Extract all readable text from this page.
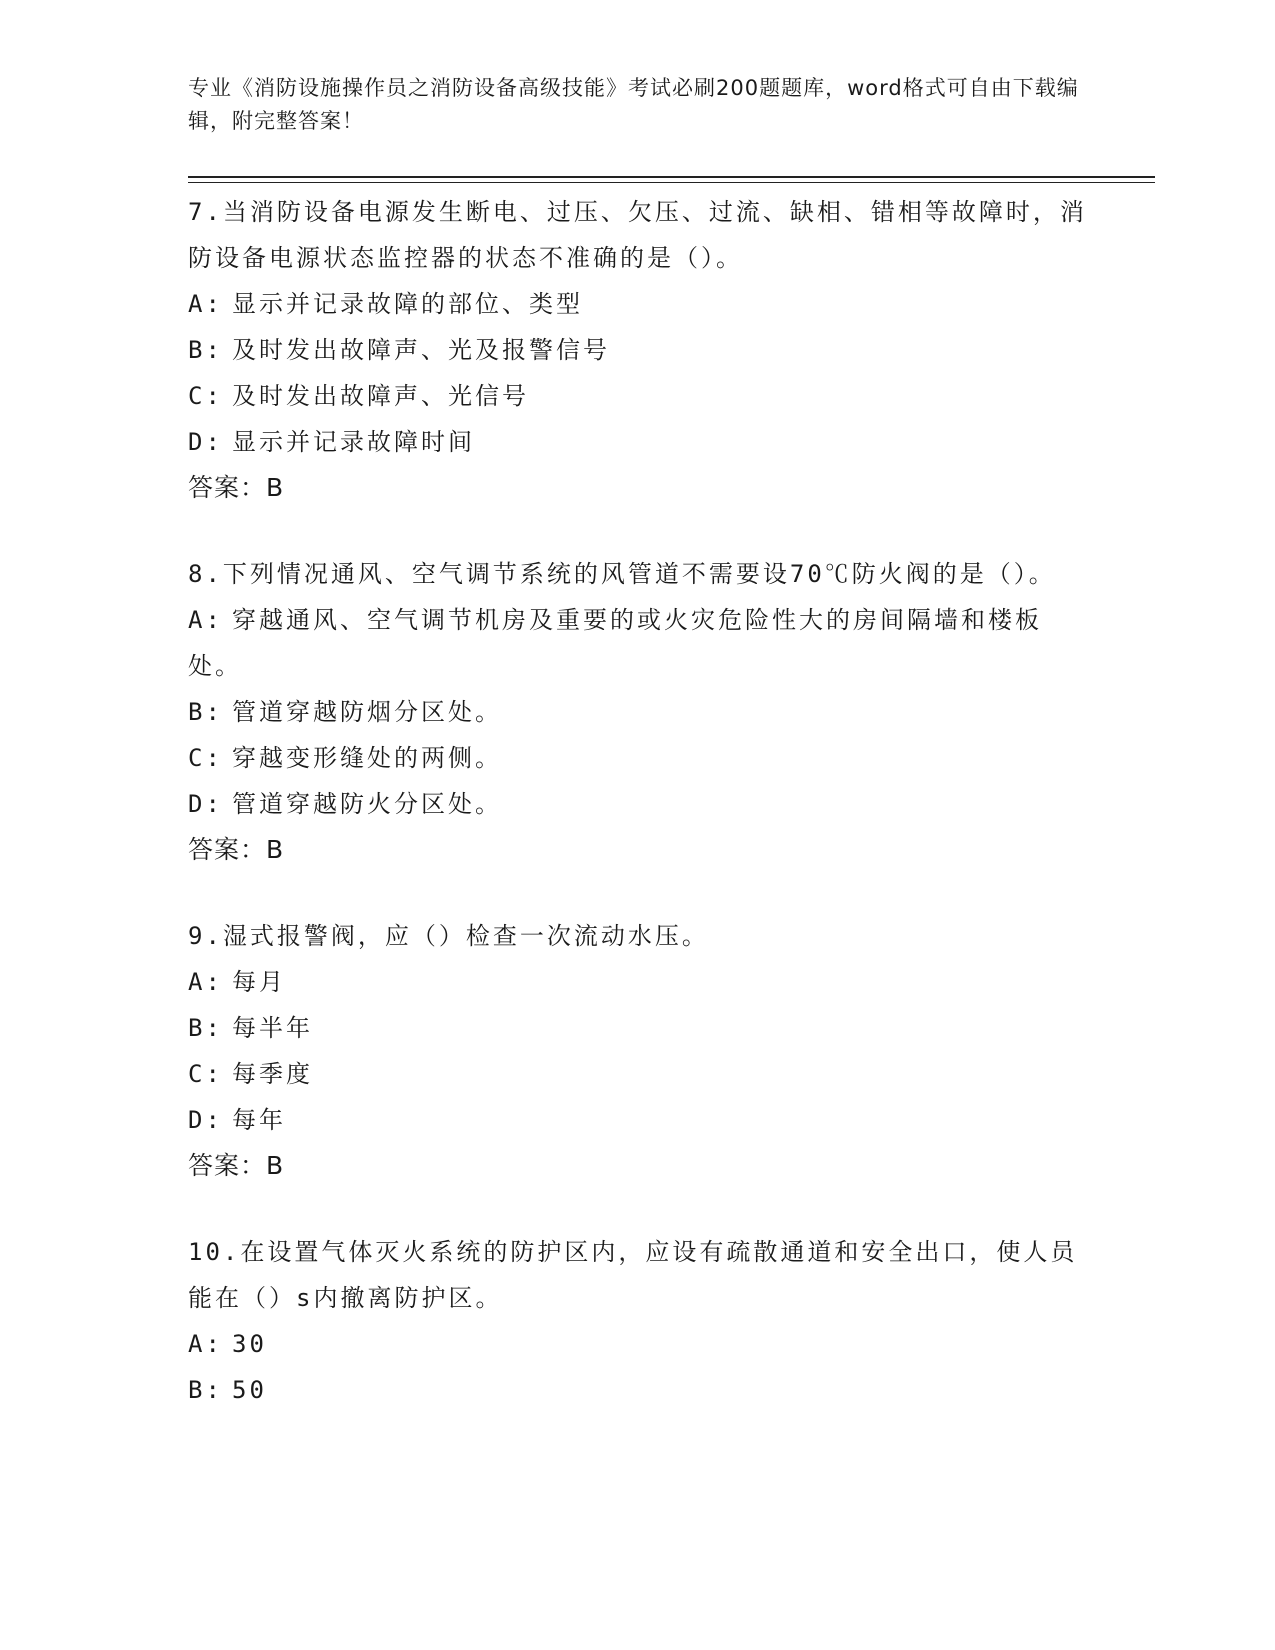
专业《消防设施操作员之消防设备高级技能》考试必刷200题题库，word格式可自由下载编辑，附完整答案！
7.当消防设备电源发生断电、过压、欠压、过流、缺相、错相等故障时，消防设备电源状态监控器的状态不准确的是（）。
A: 显示并记录故障的部位、类型
B: 及时发出故障声、光及报警信号
C: 及时发出故障声、光信号
D: 显示并记录故障时间
答案：B
8.下列情况通风、空气调节系统的风管道不需要设70℃防火阀的是（）。
A: 穿越通风、空气调节机房及重要的或火灾危险性大的房间隔墙和楼板处。
B: 管道穿越防烟分区处。
C: 穿越变形缝处的两侧。
D: 管道穿越防火分区处。
答案：B
9.湿式报警阀，应（）检查一次流动水压。
A: 每月
B: 每半年
C: 每季度
D: 每年
答案：B
10.在设置气体灭火系统的防护区内，应设有疏散通道和安全出口，使人员能在（）s内撤离防护区。
A: 30
B: 50
